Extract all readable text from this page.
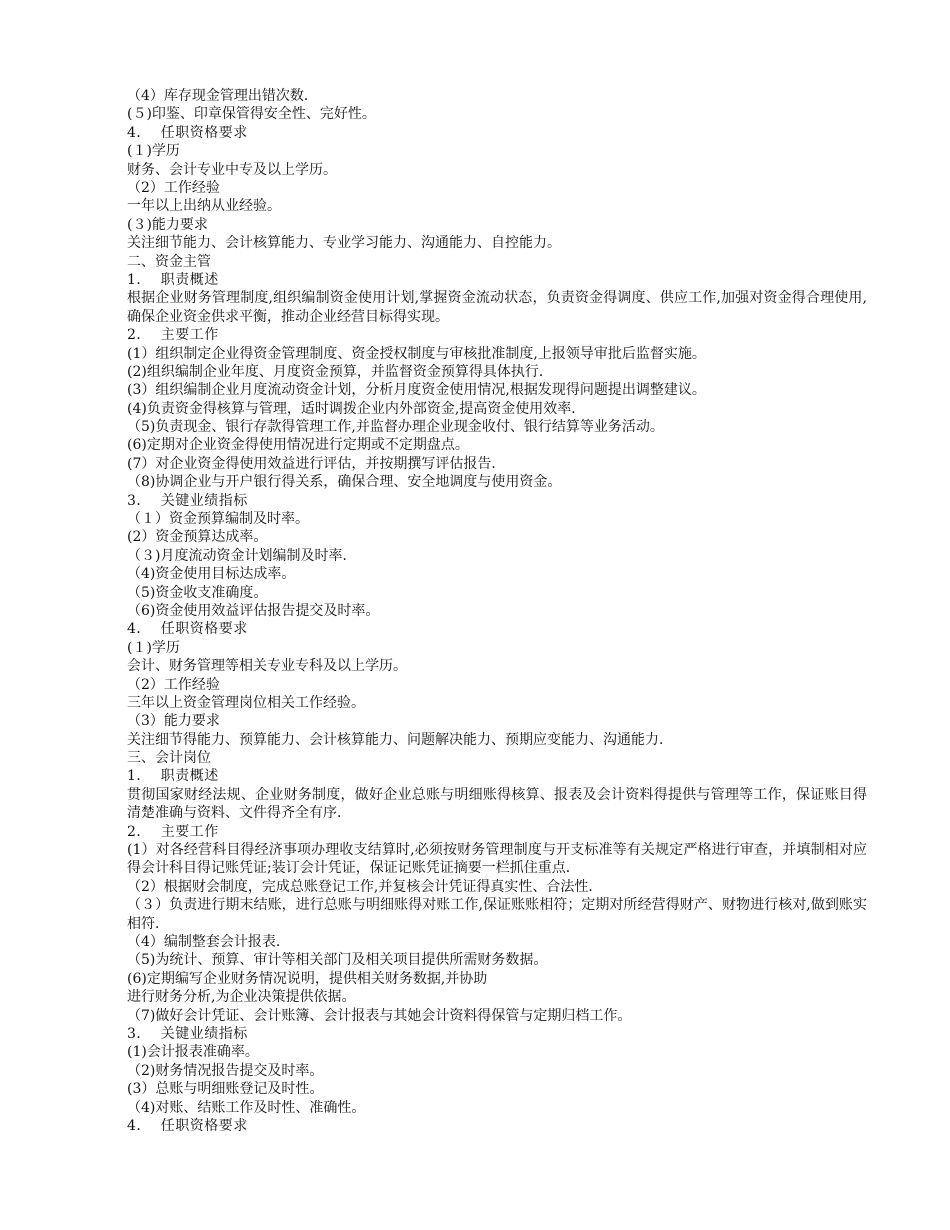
（4）库存现金管理出错次数．
(５)印鉴、印章保管得安全性、完好性。
4．  任职资格要求
(１)学历
财务、会计专业中专及以上学历。
（2）工作经验
一年以上出纳从业经验。
(３)能力要求
关注细节能力、会计核算能力、专业学习能力、沟通能力、自控能力。
二、资金主管
1．  职责概述
根据企业财务管理制度,组织编制资金使用计划,掌握资金流动状态，负责资金得调度、供应工作,加强对资金得合理使用,确保企业资金供求平衡，推动企业经营目标得实现。
2．  主要工作
(1）组织制定企业得资金管理制度、资金授权制度与审核批准制度,上报领导审批后监督实施。
(2)组织编制企业年度、月度资金预算，并监督资金预算得具体执行．
(3）组织编制企业月度流动资金计划，分析月度资金使用情况,根据发现得问题提出调整建议。
(4)负责资金得核算与管理，适时调拨企业内外部资金,提高资金使用效率．
（5)负责现金、银行存款得管理工作,并监督办理企业现金收付、银行结算等业务活动。
(6)定期对企业资金得使用情况进行定期或不定期盘点。
(7）对企业资金得使用效益进行评估，并按期撰写评估报告．
（8)协调企业与开户银行得关系，确保合理、安全地调度与使用资金。
3．  关键业绩指标
（１）资金预算编制及时率。
(2）资金预算达成率。
（３)月度流动资金计划编制及时率．
（4)资金使用目标达成率。
（5)资金收支准确度。
（6)资金使用效益评估报告提交及时率。
4．  任职资格要求
(１)学历
会计、财务管理等相关专业专科及以上学历。
（2）工作经验
三年以上资金管理岗位相关工作经验。
（3）能力要求
关注细节得能力、预算能力、会计核算能力、问题解决能力、预期应变能力、沟通能力．
三、会计岗位
1．  职责概述
贯彻国家财经法规、企业财务制度，做好企业总账与明细账得核算、报表及会计资料得提供与管理等工作，保证账目得清楚准确与资料、文件得齐全有序．
2．  主要工作
(1）对各经营科目得经济事项办理收支结算时,必须按财务管理制度与开支标准等有关规定严格进行审查，并填制相对应得会计科目得记账凭证;装订会计凭证，保证记账凭证摘要一栏抓住重点．
（2）根据财会制度，完成总账登记工作,并复核会计凭证得真实性、合法性．
（３）负责进行期末结账，进行总账与明细账得对账工作,保证账账相符；定期对所经营得财产、财物进行核对,做到账实相符．
（4）编制整套会计报表．
（5)为统计、预算、审计等相关部门及相关项目提供所需财务数据。
(6)定期编写企业财务情况说明，提供相关财务数据,并协助
进行财务分析,为企业决策提供依据。
（7)做好会计凭证、会计账簿、会计报表与其她会计资料得保管与定期归档工作。
3．  关键业绩指标
(1)会计报表准确率。
（2)财务情况报告提交及时率。
(3）总账与明细账登记及时性。
（4)对账、结账工作及时性、准确性。
4．  任职资格要求
